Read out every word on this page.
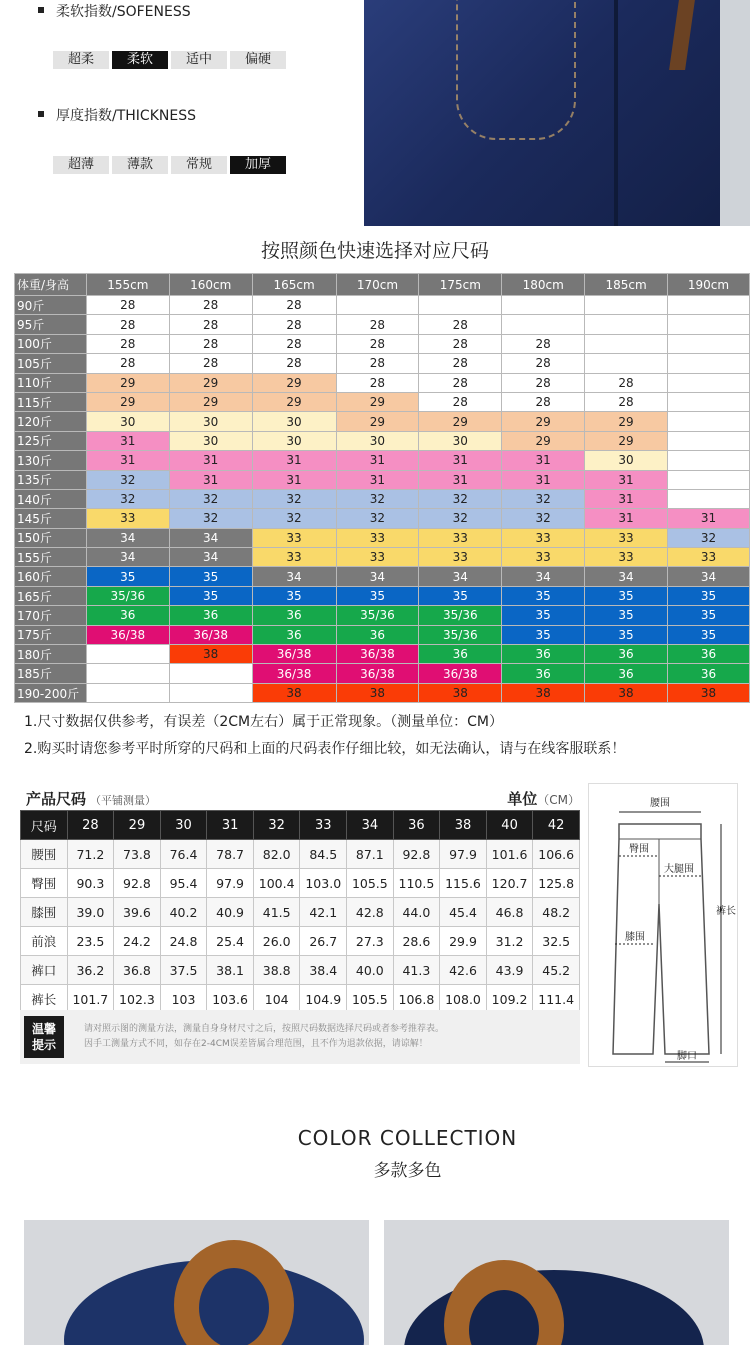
柔软指数/SOFENESS
超柔	柔软	适中	偏硬
厚度指数/THICKNESS
超薄	薄款	常规	加厚
按照颜色快速选择对应尺码
体重/身高	155cm	160cm	165cm	170cm	175cm	180cm	185cm	190cm
90斤	28	28	28					
95斤	28	28	28	28	28			
100斤	28	28	28	28	28	28		
105斤	28	28	28	28	28	28		
110斤	29	29	29	28	28	28	28	
115斤	29	29	29	29	28	28	28	
120斤	30	30	30	29	29	29	29	
125斤	31	30	30	30	30	29	29	
130斤	31	31	31	31	31	31	30	
135斤	32	31	31	31	31	31	31	
140斤	32	32	32	32	32	32	31	
145斤	33	32	32	32	32	32	31	31
150斤	34	34	33	33	33	33	33	32
155斤	34	34	33	33	33	33	33	33
160斤	35	35	34	34	34	34	34	34
165斤	35/36	35	35	35	35	35	35	35
170斤	36	36	36	35/36	35/36	35	35	35
175斤	36/38	36/38	36	36	35/36	35	35	35
180斤		38	36/38	36/38	36	36	36	36
185斤			36/38	36/38	36/38	36	36	36
190-200斤			38	38	38	38	38	38
1.尺寸数据仅供参考，有误差（2CM左右）属于正常现象。（测量单位：CM）
2.购买时请您参考平时所穿的尺码和上面的尺码表作仔细比较，如无法确认，请与在线客服联系！
产品尺码 （平铺测量）	单位（CM）
尺码	28	29	30	31	32	33	34	36	38	40	42
腰围	71.2	73.8	76.4	78.7	82.0	84.5	87.1	92.8	97.9	101.6	106.6
臀围	90.3	92.8	95.4	97.9	100.4	103.0	105.5	110.5	115.6	120.7	125.8
膝围	39.0	39.6	40.2	40.9	41.5	42.1	42.8	44.0	45.4	46.8	48.2
前浪	23.5	24.2	24.8	25.4	26.0	26.7	27.3	28.6	29.9	31.2	32.5
裤口	36.2	36.8	37.5	38.1	38.8	38.4	40.0	41.3	42.6	43.9	45.2
裤长	101.7	102.3	103	103.6	104	104.9	105.5	106.8	108.0	109.2	111.4
温馨
提示
请对照示图的测量方法，测量自身身材尺寸之后，按照尺码数据选择尺码或者参考推荐表。
因手工测量方式不同，如存在2-4CM误差皆属合理范围，且不作为退款依据，请谅解！
腰围
臀围
大腿围
裤长
膝围
脚口
COLOR COLLECTION
多款多色
